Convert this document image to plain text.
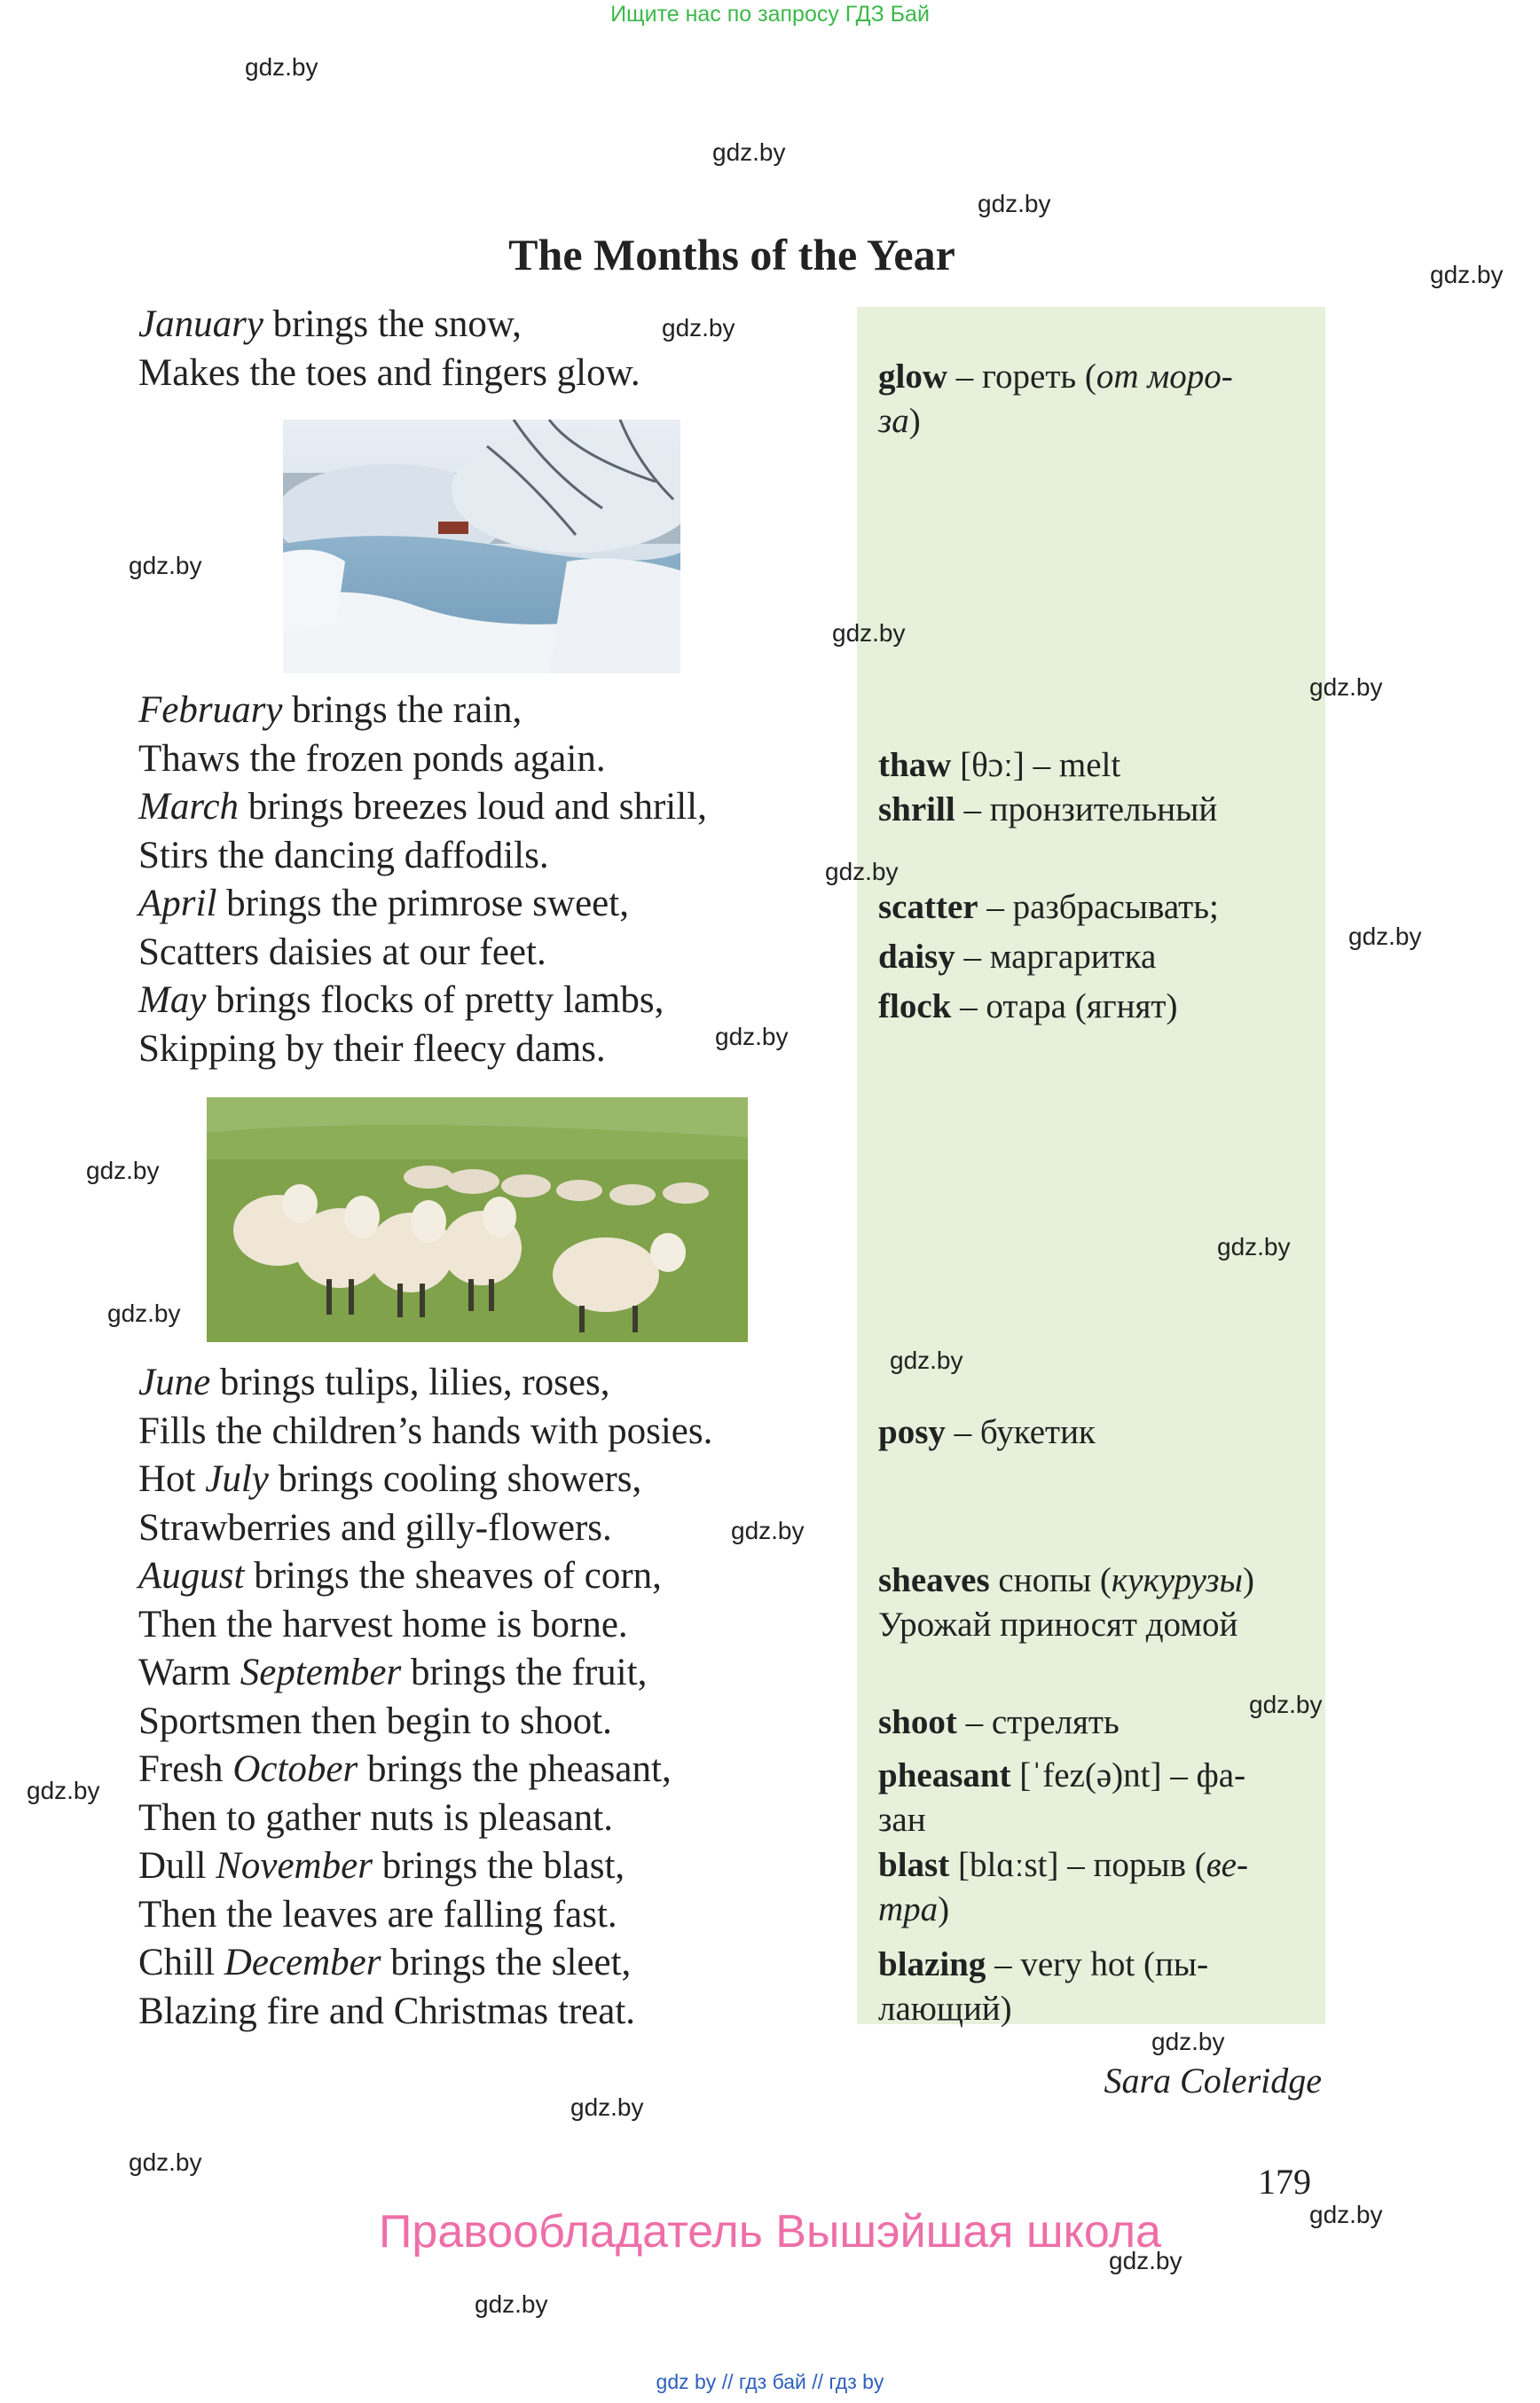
Ищите нас по запросу ГДЗ Бай
The Months of the Year
January brings the snow,
Makes the toes and fingers glow.
February brings the rain,
Thaws the frozen ponds again.
March brings breezes loud and shrill,
Stirs the dancing daffodils.
April brings the primrose sweet,
Scatters daisies at our feet.
May brings flocks of pretty lambs,
Skipping by their fleecy dams.
June brings tulips, lilies, roses,
Fills the children’s hands with posies.
Hot July brings cooling showers,
Strawberries and gilly-flowers.
August brings the sheaves of corn,
Then the harvest home is borne.
Warm September brings the fruit,
Sportsmen then begin to shoot.
Fresh October brings the pheasant,
Then to gather nuts is pleasant.
Dull November brings the blast,
Then the leaves are falling fast.
Chill December brings the sleet,
Blazing fire and Christmas treat.
glow – гореть (от моро-
за)
thaw [θɔː] – melt
shrill – пронзительный
scatter – разбрасывать;
daisy – маргаритка
flock – отара (ягнят)
posy – букетик
sheaves снопы (кукурузы)
Урожай приносят домой
shoot – стрелять
pheasant [ˈfez(ə)nt] – фа-
зан
blast [blɑːst] – порыв (ве-
тра)
blazing – very hot (пы-
лающий)
Sara Coleridge
179
Правообладатель Вышэйшая школа
gdz by // гдз бай // гдз by
gdz.by
gdz.by
gdz.by
gdz.by
gdz.by
gdz.by
gdz.by
gdz.by
gdz.by
gdz.by
gdz.by
gdz.by
gdz.by
gdz.by
gdz.by
gdz.by
gdz.by
gdz.by
gdz.by
gdz.by
gdz.by
gdz.by
gdz.by
gdz.by
